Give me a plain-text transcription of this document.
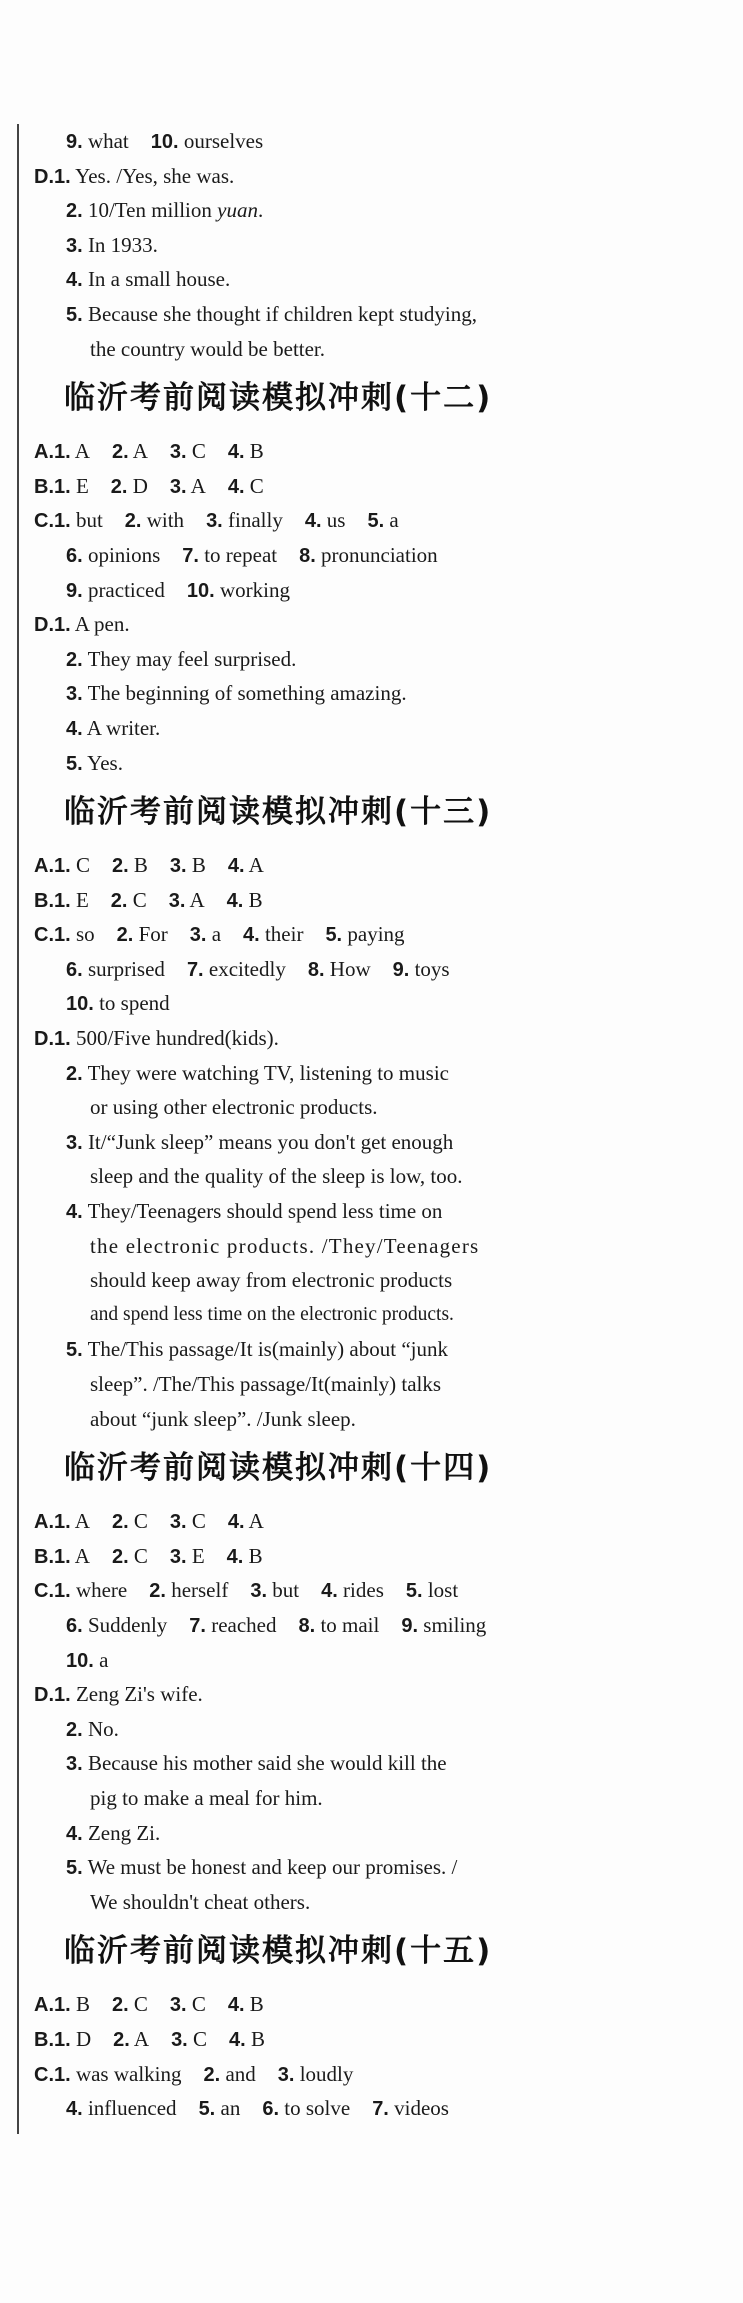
9. what 10. ourselves
D.1. Yes. /Yes, she was.
2. 10/Ten million yuan.
3. In 1933.
4. In a small house.
5. Because she thought if children kept studying,
the country would be better.
临沂考前阅读模拟冲刺(十二)
A.1. A 2. A 3. C 4. B
B.1. E 2. D 3. A 4. C
C.1. but 2. with 3. finally 4. us 5. a
6. opinions 7. to repeat 8. pronunciation
9. practiced 10. working
D.1. A pen.
2. They may feel surprised.
3. The beginning of something amazing.
4. A writer.
5. Yes.
临沂考前阅读模拟冲刺(十三)
A.1. C 2. B 3. B 4. A
B.1. E 2. C 3. A 4. B
C.1. so 2. For 3. a 4. their 5. paying
6. surprised 7. excitedly 8. How 9. toys
10. to spend
D.1. 500/Five hundred(kids).
2. They were watching TV, listening to music
or using other electronic products.
3. It/“Junk sleep” means you don't get enough
sleep and the quality of the sleep is low, too.
4. They/Teenagers should spend less time on
the electronic products. /They/Teenagers
should keep away from electronic products
and spend less time on the electronic products.
5. The/This passage/It is(mainly) about “junk
sleep”. /The/This passage/It(mainly) talks
about “junk sleep”. /Junk sleep.
临沂考前阅读模拟冲刺(十四)
A.1. A 2. C 3. C 4. A
B.1. A 2. C 3. E 4. B
C.1. where 2. herself 3. but 4. rides 5. lost
6. Suddenly 7. reached 8. to mail 9. smiling
10. a
D.1. Zeng Zi's wife.
2. No.
3. Because his mother said she would kill the
pig to make a meal for him.
4. Zeng Zi.
5. We must be honest and keep our promises. /
We shouldn't cheat others.
临沂考前阅读模拟冲刺(十五)
A.1. B 2. C 3. C 4. B
B.1. D 2. A 3. C 4. B
C.1. was walking 2. and 3. loudly
4. influenced 5. an 6. to solve 7. videos
